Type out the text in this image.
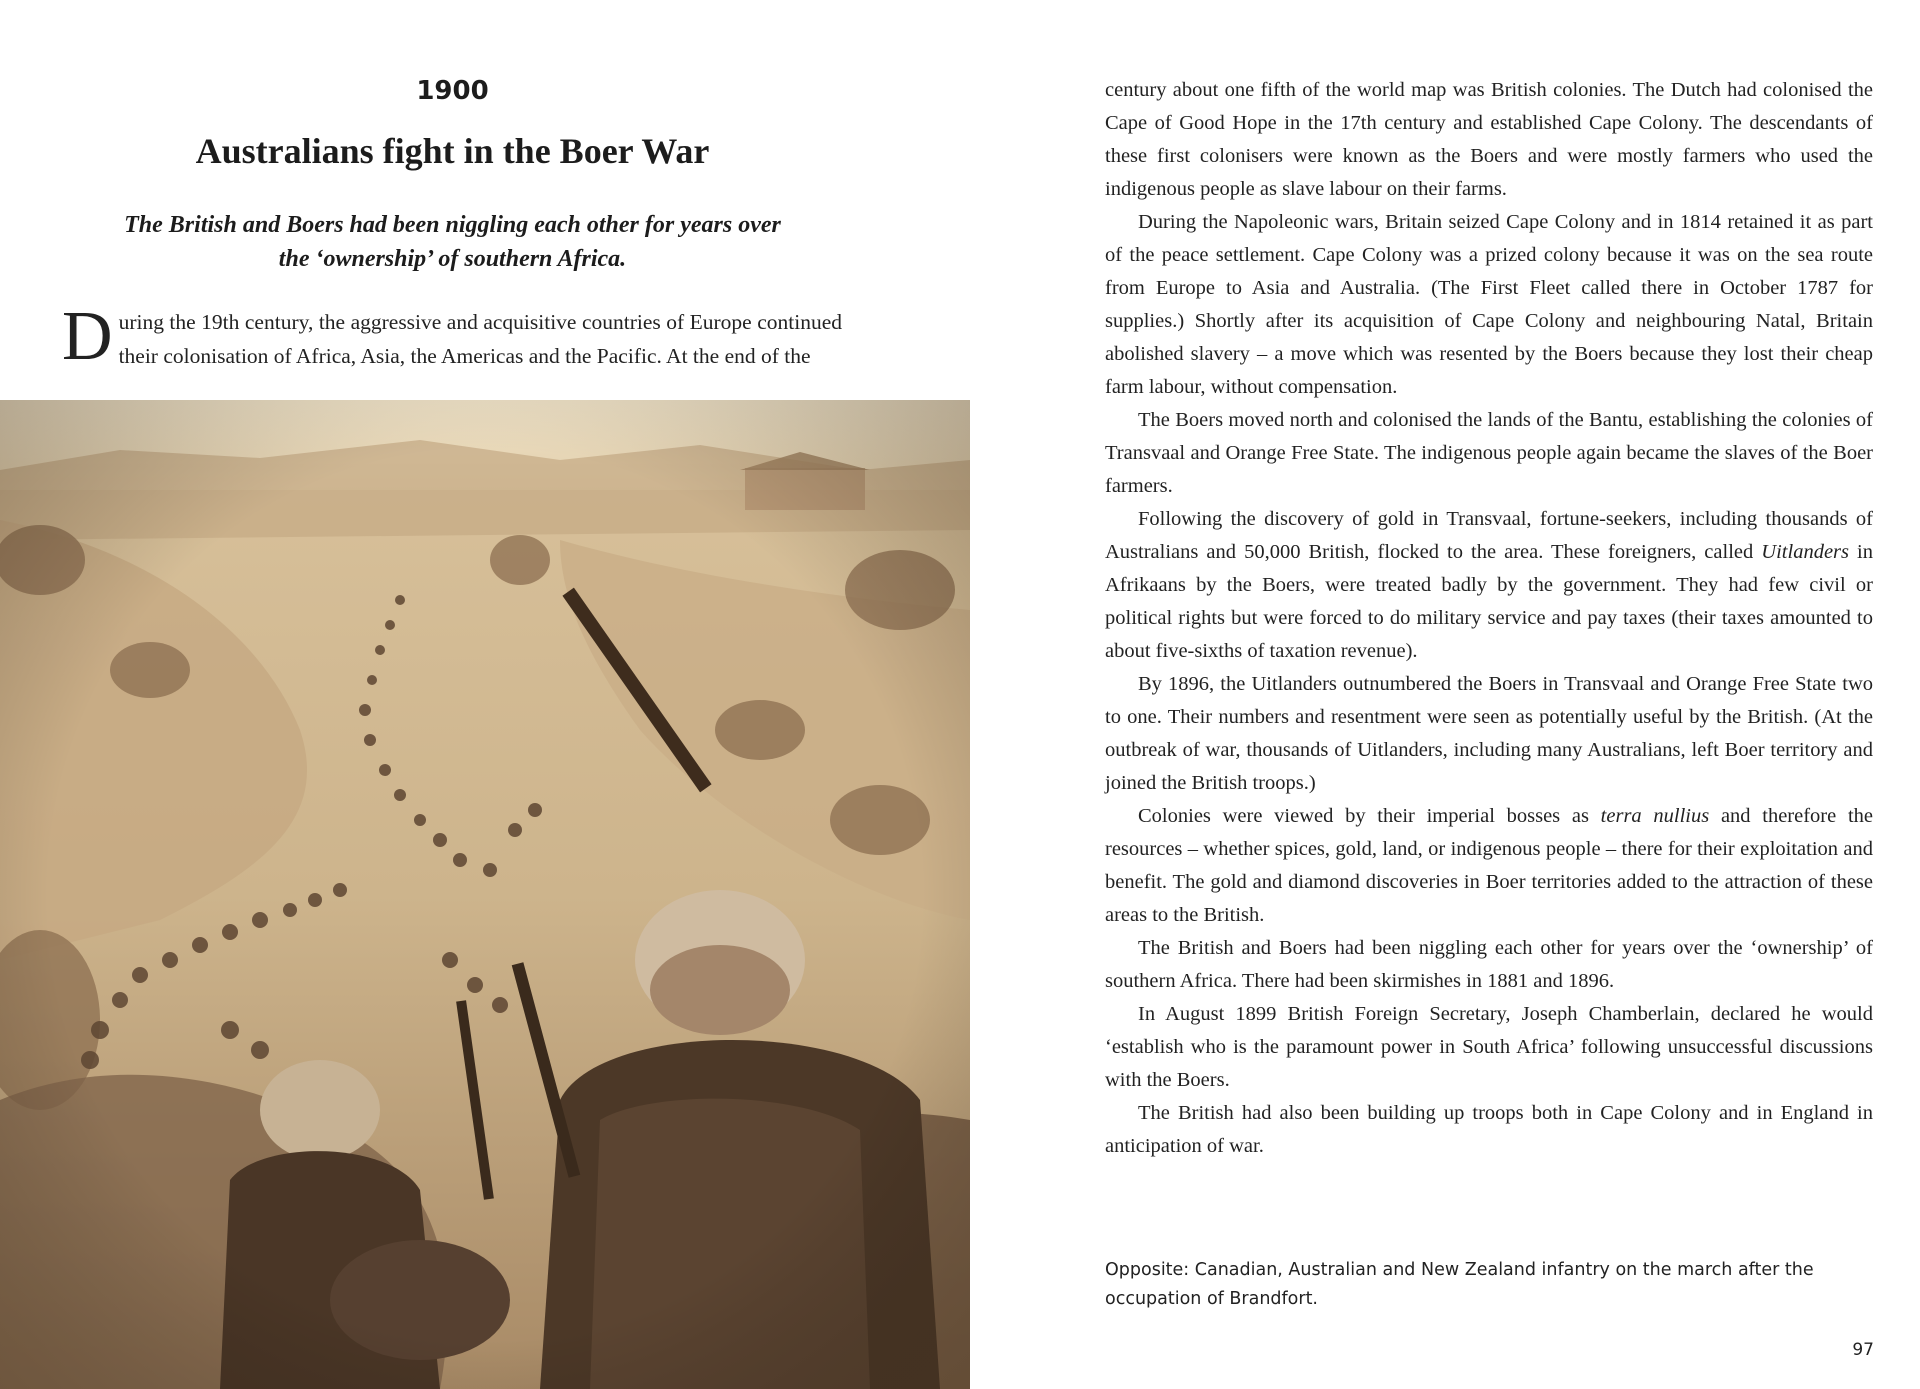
1900
Australians fight in the Boer War

The British and Boers had been niggling each other for years over the ‘ownership’ of southern Africa.

During the 19th century, the aggressive and acquisitive countries of Europe continued their colonisation of Africa, Asia, the Americas and the Pacific. At the end of the

century about one fifth of the world map was British colonies. The Dutch had colonised the Cape of Good Hope in the 17th century and established Cape Colony. The descendants of these first colonisers were known as the Boers and were mostly farmers who used the indigenous people as slave labour on their farms.

During the Napoleonic wars, Britain seized Cape Colony and in 1814 retained it as part of the peace settlement. Cape Colony was a prized colony because it was on the sea route from Europe to Asia and Australia. (The First Fleet called there in October 1787 for supplies.) Shortly after its acquisition of Cape Colony and neighbouring Natal, Britain abolished slavery – a move which was resented by the Boers because they lost their cheap farm labour, without compensation.

The Boers moved north and colonised the lands of the Bantu, establishing the colonies of Transvaal and Orange Free State. The indigenous people again became the slaves of the Boer farmers.

Following the discovery of gold in Transvaal, fortune-seekers, including thousands of Australians and 50,000 British, flocked to the area. These foreigners, called Uitlanders in Afrikaans by the Boers, were treated badly by the government. They had few civil or political rights but were forced to do military service and pay taxes (their taxes amounted to about five-sixths of taxation revenue).

By 1896, the Uitlanders outnumbered the Boers in Transvaal and Orange Free State two to one. Their numbers and resentment were seen as potentially useful by the British. (At the outbreak of war, thousands of Uitlanders, including many Australians, left Boer territory and joined the British troops.)

Colonies were viewed by their imperial bosses as terra nullius and therefore the resources – whether spices, gold, land, or indigenous people – there for their exploitation and benefit. The gold and diamond discoveries in Boer territories added to the attraction of these areas to the British.

The British and Boers had been niggling each other for years over the ‘ownership’ of southern Africa. There had been skirmishes in 1881 and 1896.

In August 1899 British Foreign Secretary, Joseph Chamberlain, declared he would ‘establish who is the paramount power in South Africa’ following unsuccessful discussions with the Boers.

The British had also been building up troops both in Cape Colony and in England in anticipation of war.

Opposite: Canadian, Australian and New Zealand infantry on the march after the occupation of Brandfort.

97
